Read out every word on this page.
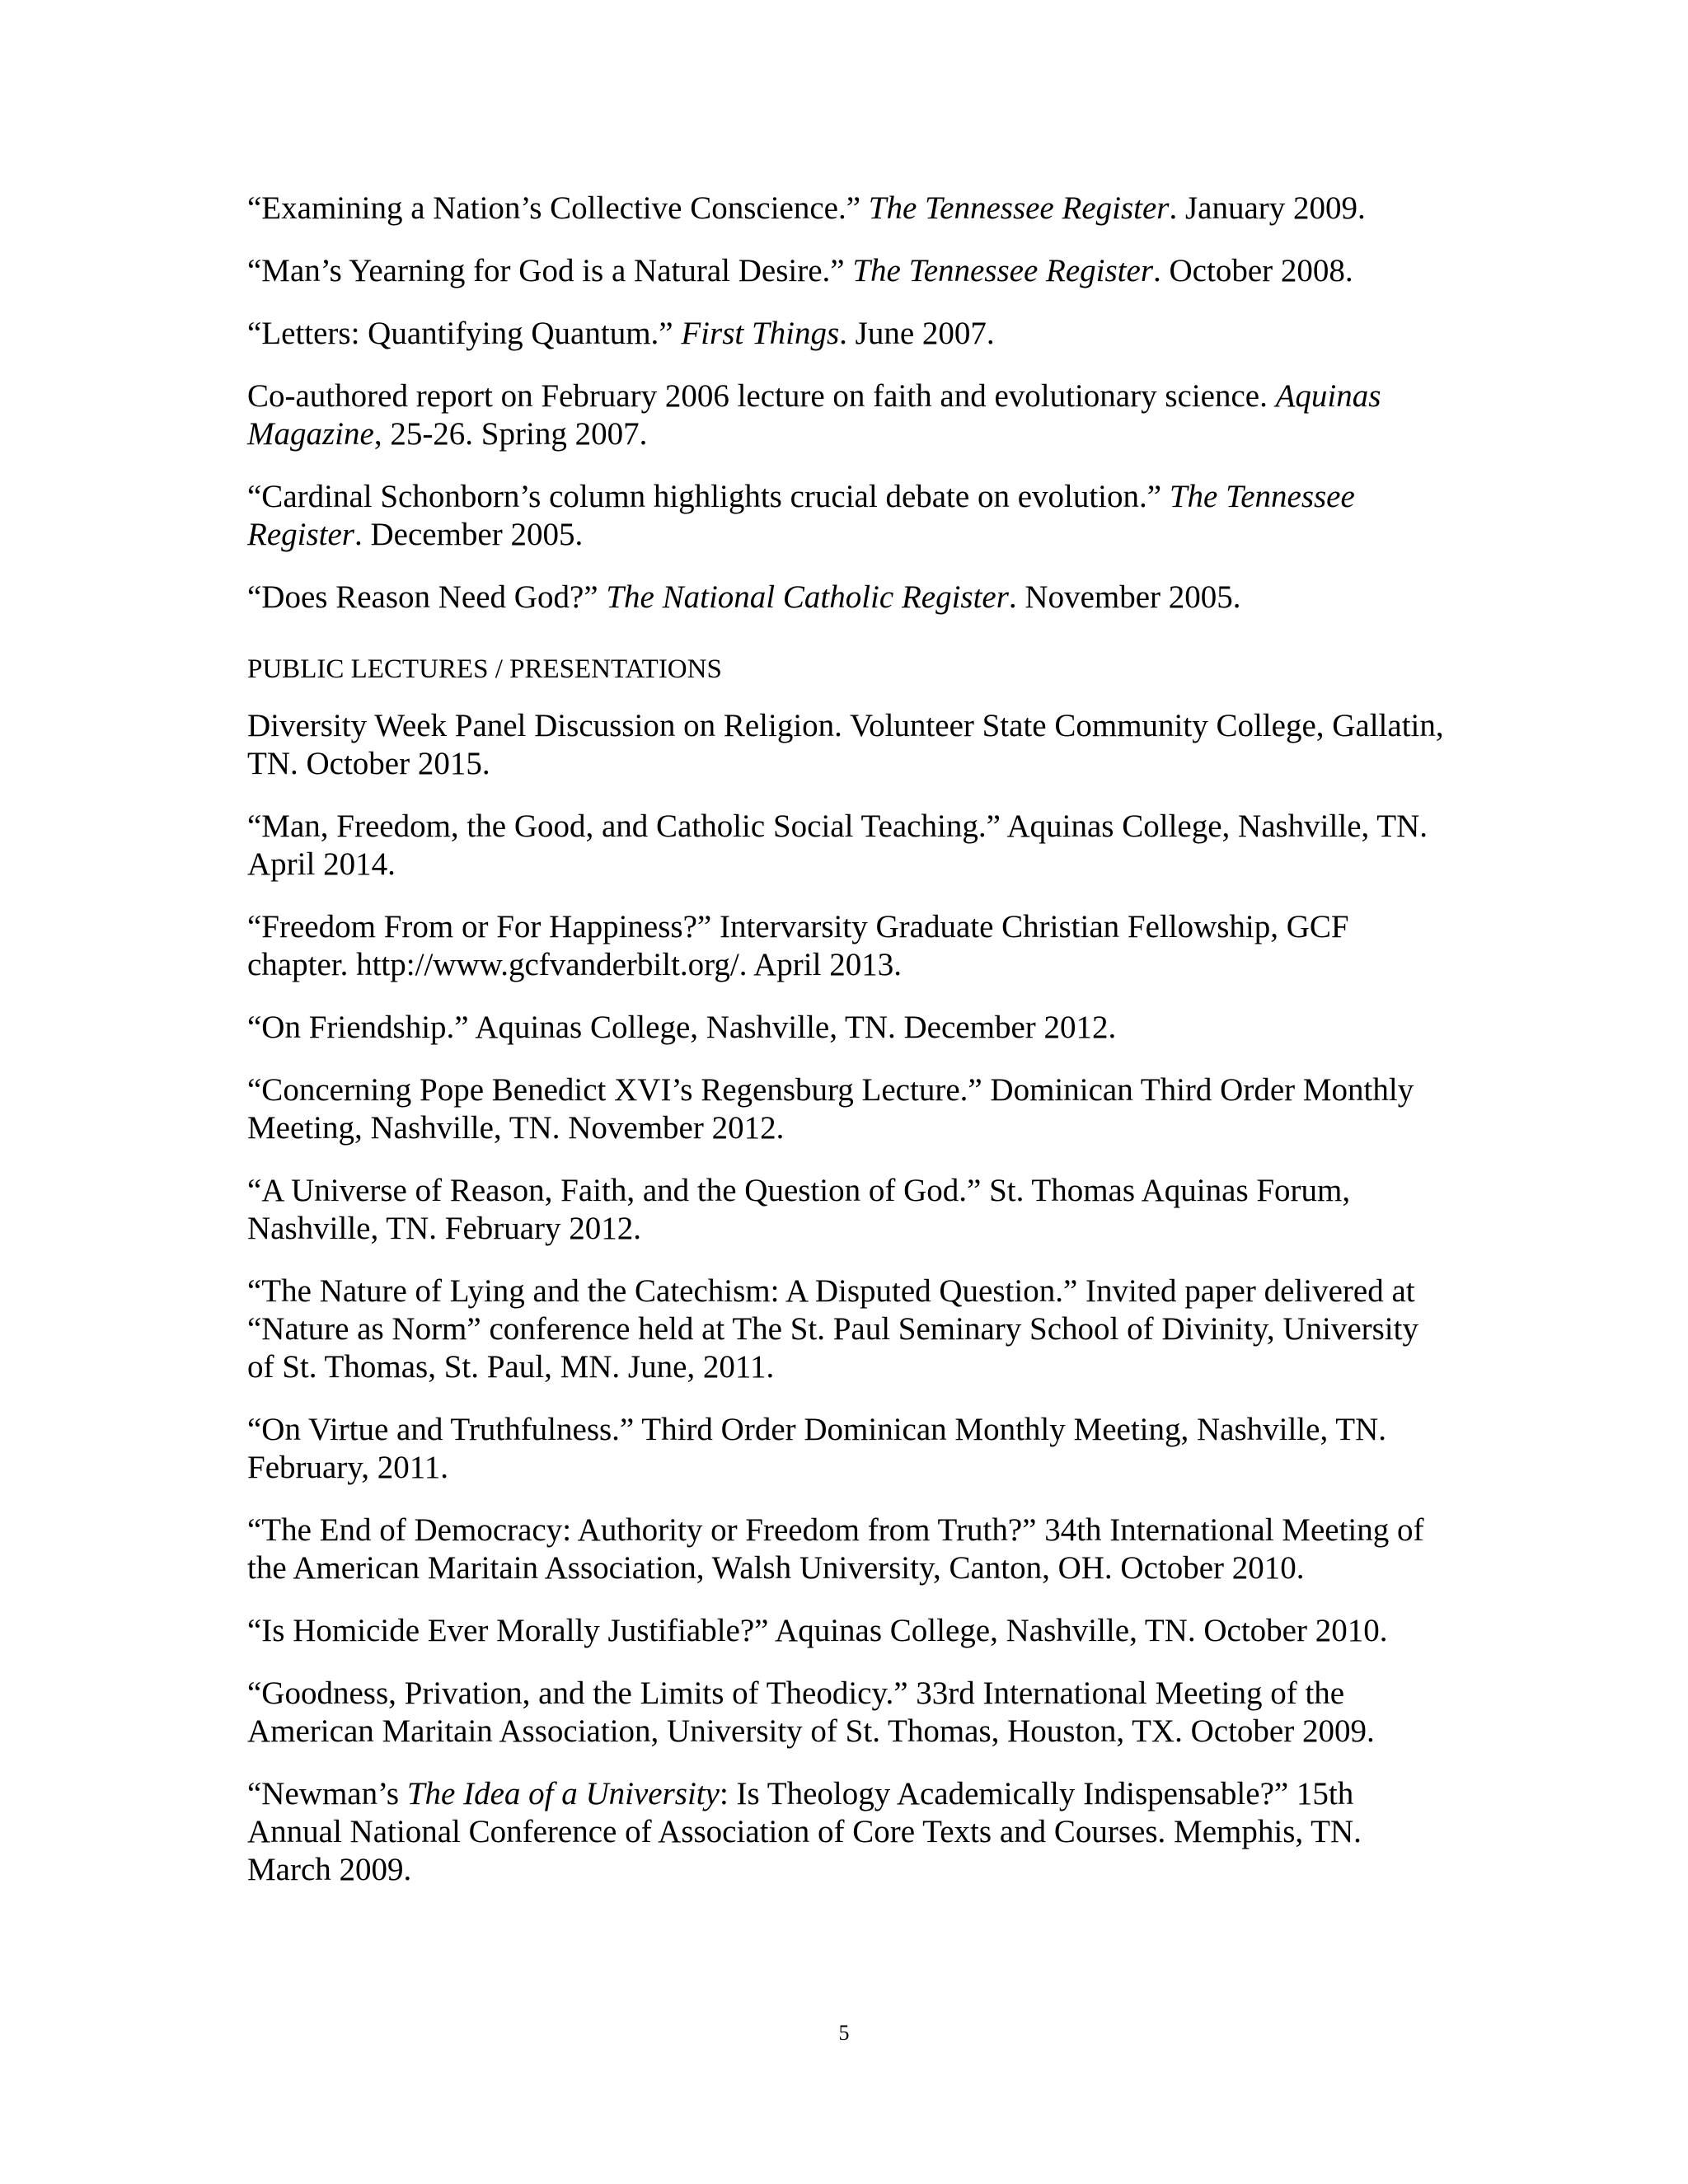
“Examining a Nation’s Collective Conscience.” The Tennessee Register. January 2009.

“Man’s Yearning for God is a Natural Desire.” The Tennessee Register. October 2008.

“Letters: Quantifying Quantum.” First Things. June 2007.

Co-authored report on February 2006 lecture on faith and evolutionary science. Aquinas Magazine, 25-26. Spring 2007.

“Cardinal Schonborn’s column highlights crucial debate on evolution.” The Tennessee Register. December 2005.

“Does Reason Need God?” The National Catholic Register. November 2005.

PUBLIC LECTURES / PRESENTATIONS

Diversity Week Panel Discussion on Religion. Volunteer State Community College, Gallatin, TN. October 2015.

“Man, Freedom, the Good, and Catholic Social Teaching.” Aquinas College, Nashville, TN. April 2014.

“Freedom From or For Happiness?” Intervarsity Graduate Christian Fellowship, GCF chapter. http://www.gcfvanderbilt.org/. April 2013.

“On Friendship.” Aquinas College, Nashville, TN. December 2012.

“Concerning Pope Benedict XVI’s Regensburg Lecture.” Dominican Third Order Monthly Meeting, Nashville, TN. November 2012.

“A Universe of Reason, Faith, and the Question of God.” St. Thomas Aquinas Forum, Nashville, TN. February 2012.

“The Nature of Lying and the Catechism: A Disputed Question.” Invited paper delivered at “Nature as Norm” conference held at The St. Paul Seminary School of Divinity, University of St. Thomas, St. Paul, MN. June, 2011.

“On Virtue and Truthfulness.” Third Order Dominican Monthly Meeting, Nashville, TN. February, 2011.

“The End of Democracy: Authority or Freedom from Truth?” 34th International Meeting of the American Maritain Association, Walsh University, Canton, OH. October 2010.

“Is Homicide Ever Morally Justifiable?” Aquinas College, Nashville, TN. October 2010.

“Goodness, Privation, and the Limits of Theodicy.” 33rd International Meeting of the American Maritain Association, University of St. Thomas, Houston, TX. October 2009.

“Newman’s The Idea of a University: Is Theology Academically Indispensable?” 15th Annual National Conference of Association of Core Texts and Courses. Memphis, TN. March 2009.

5
